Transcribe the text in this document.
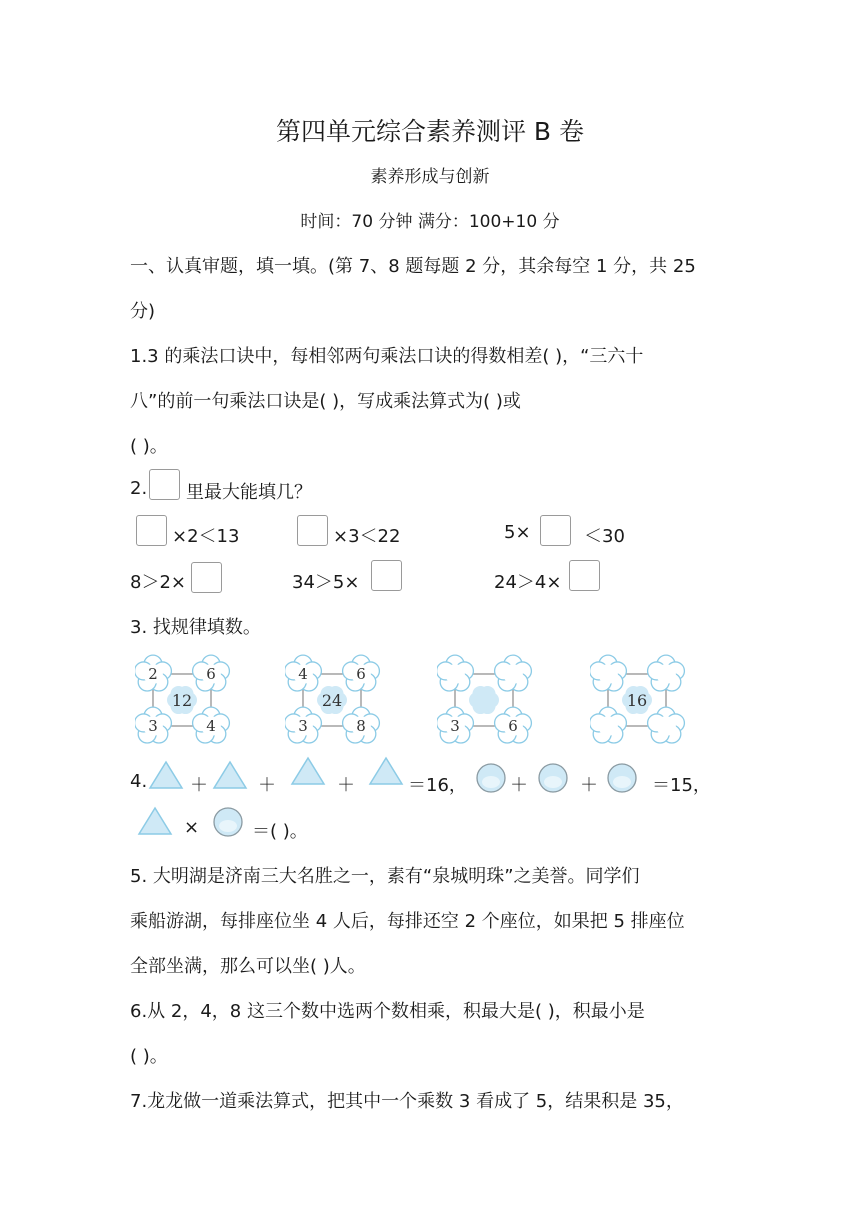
第四单元综合素养测评 B 卷
素养形成与创新
时间：70 分钟 满分：100+10 分
一、认真审题，填一填。(第 7、8 题每题 2 分，其余每空 1 分，共 25
分)
1.3 的乘法口诀中，每相邻两句乘法口诀的得数相差( )，“三六十
八”的前一句乘法口诀是( )，写成乘法算式为( )或
( )。
2. 里最大能填几？
×2＜13	×3＜22	5×	＜30
8＞2×	34＞5×	24＞4×
3. 找规律填数。
2	6
3	4
12
4	6
3	8
24
3	6
16
4. ＋	＋	＋	＝16， ＋	＋	＝15，
×	＝( )。
5. 大明湖是济南三大名胜之一，素有“泉城明珠”之美誉。同学们
乘船游湖，每排座位坐 4 人后，每排还空 2 个座位，如果把 5 排座位
全部坐满，那么可以坐( )人。
6.从 2，4，8 这三个数中选两个数相乘，积最大是( )，积最小是
( )。
7.龙龙做一道乘法算式，把其中一个乘数 3 看成了 5，结果积是 35，
